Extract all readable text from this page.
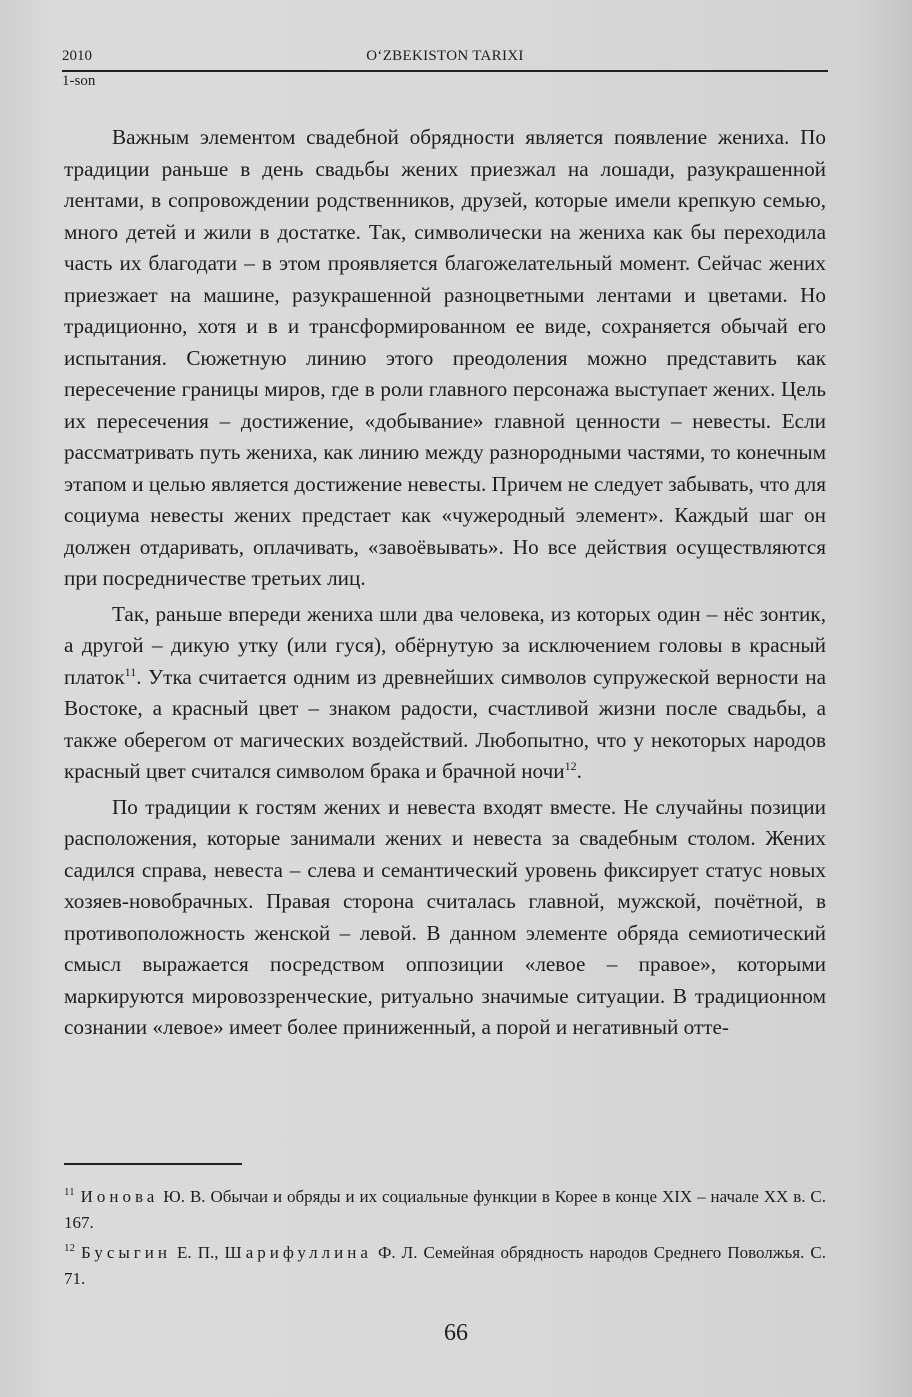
2010	O‘ZBEKISTON TARIXI
1-son

Важным элементом свадебной обрядности является появление жениха. По традиции раньше в день свадьбы жених приезжал на лошади, разукрашенной лентами, в сопровождении родственников, друзей, которые имели крепкую семью, много детей и жили в достатке. Так, символически на жениха как бы переходила часть их благодати – в этом проявляется благожелательный момент. Сейчас жених приезжает на машине, разукрашенной разноцветными лентами и цветами. Но традиционно, хотя и в и трансформированном ее виде, сохраняется обычай его испытания. Сюжетную линию этого преодоления можно представить как пересечение границы миров, где в роли главного персонажа выступает жених. Цель их пересечения – достижение, «добывание» главной ценности – невесты. Если рассматривать путь жениха, как линию между разнородными частями, то конечным этапом и целью является достижение невесты. Причем не следует забывать, что для социума невесты жених предстает как «чужеродный элемент». Каждый шаг он должен отдаривать, оплачивать, «завоёвывать». Но все действия осуществляются при посредничестве третьих лиц.

Так, раньше впереди жениха шли два человека, из которых один – нёс зонтик, а другой – дикую утку (или гуся), обёрнутую за исключением головы в красный платок$^{11}$. Утка считается одним из древнейших символов супружеской верности на Востоке, а красный цвет – знаком радости, счастливой жизни после свадьбы, а также оберегом от магических воздействий. Любопытно, что у некоторых народов красный цвет считался символом брака и брачной ночи$^{12}$.

По традиции к гостям жених и невеста входят вместе. Не случайны позиции расположения, которые занимали жених и невеста за свадебным столом. Жених садился справа, невеста – слева и семантический уровень фиксирует статус новых хозяев-новобрачных. Правая сторона считалась главной, мужской, почётной, в противоположность женской – левой. В данном элементе обряда семиотический смысл выражается посредством оппозиции «левое – правое», которыми маркируются мировоззренческие, ритуально значимые ситуации. В традиционном сознании «левое» имеет более приниженный, а порой и негативный отте-

$^{11}$ Ионова Ю. В. Обычаи и обряды и их социальные функции в Корее в конце XIX – начале XX в. С. 167.

$^{12}$ Бусыгин Е. П., Шарифуллина Ф. Л. Семейная обрядность народов Среднего Поволжья. С. 71.

66
